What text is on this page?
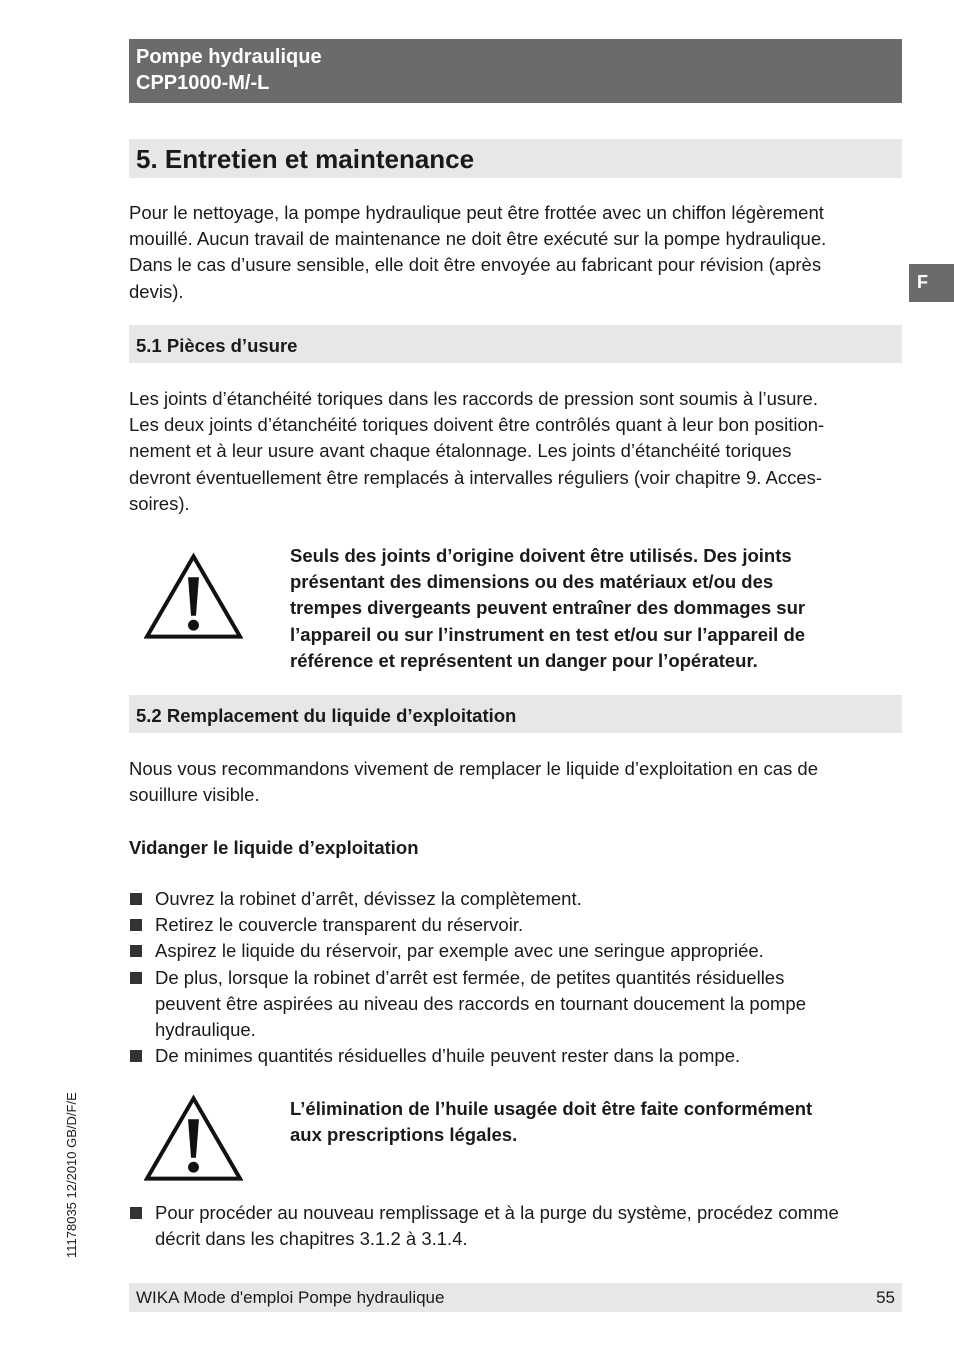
Pompe hydraulique
CPP1000-M/-L
F
5. Entretien et maintenance
Pour le nettoyage, la pompe hydraulique peut être frottée avec un chiffon légèrement
mouillé. Aucun travail de maintenance ne doit être exécuté sur la pompe hydraulique.
Dans le cas d’usure sensible, elle doit être envoyée au fabricant pour révision (après
devis).
5.1 Pièces d’usure
Les joints d’étanchéité toriques dans les raccords de pression sont soumis à l’usure.
Les deux joints d’étanchéité toriques doivent être contrôlés quant à leur bon position-
nement et à leur usure avant chaque étalonnage. Les joints d’étanchéité toriques
devront éventuellement être remplacés à intervalles réguliers (voir chapitre 9. Acces-
soires).
Seuls des joints d’origine doivent être utilisés. Des joints
présentant des dimensions ou des matériaux et/ou des
trempes divergeants peuvent entraîner des dommages sur
l’appareil ou sur l’instrument en test et/ou sur l’appareil de
référence et représentent un danger pour l’opérateur.
5.2 Remplacement du liquide d’exploitation
Nous vous recommandons vivement de remplacer le liquide d’exploitation en cas de
souillure visible.
Vidanger le liquide d’exploitation
Ouvrez la robinet d’arrêt, dévissez la complètement.
Retirez le couvercle transparent du réservoir.
Aspirez le liquide du réservoir, par exemple avec une seringue appropriée.
De plus, lorsque la robinet d’arrêt est fermée, de petites quantités résiduelles
peuvent être aspirées au niveau des raccords en tournant doucement la pompe
hydraulique.
De minimes quantités résiduelles d’huile peuvent rester dans la pompe.
L’élimination de l’huile usagée doit être faite conformément
aux prescriptions légales.
Pour procéder au nouveau remplissage et à la purge du système, procédez comme
décrit dans les chapitres 3.1.2 à 3.1.4.
11178035 12/2010 GB/D/F/E
WIKA Mode d'emploi Pompe hydraulique	55
